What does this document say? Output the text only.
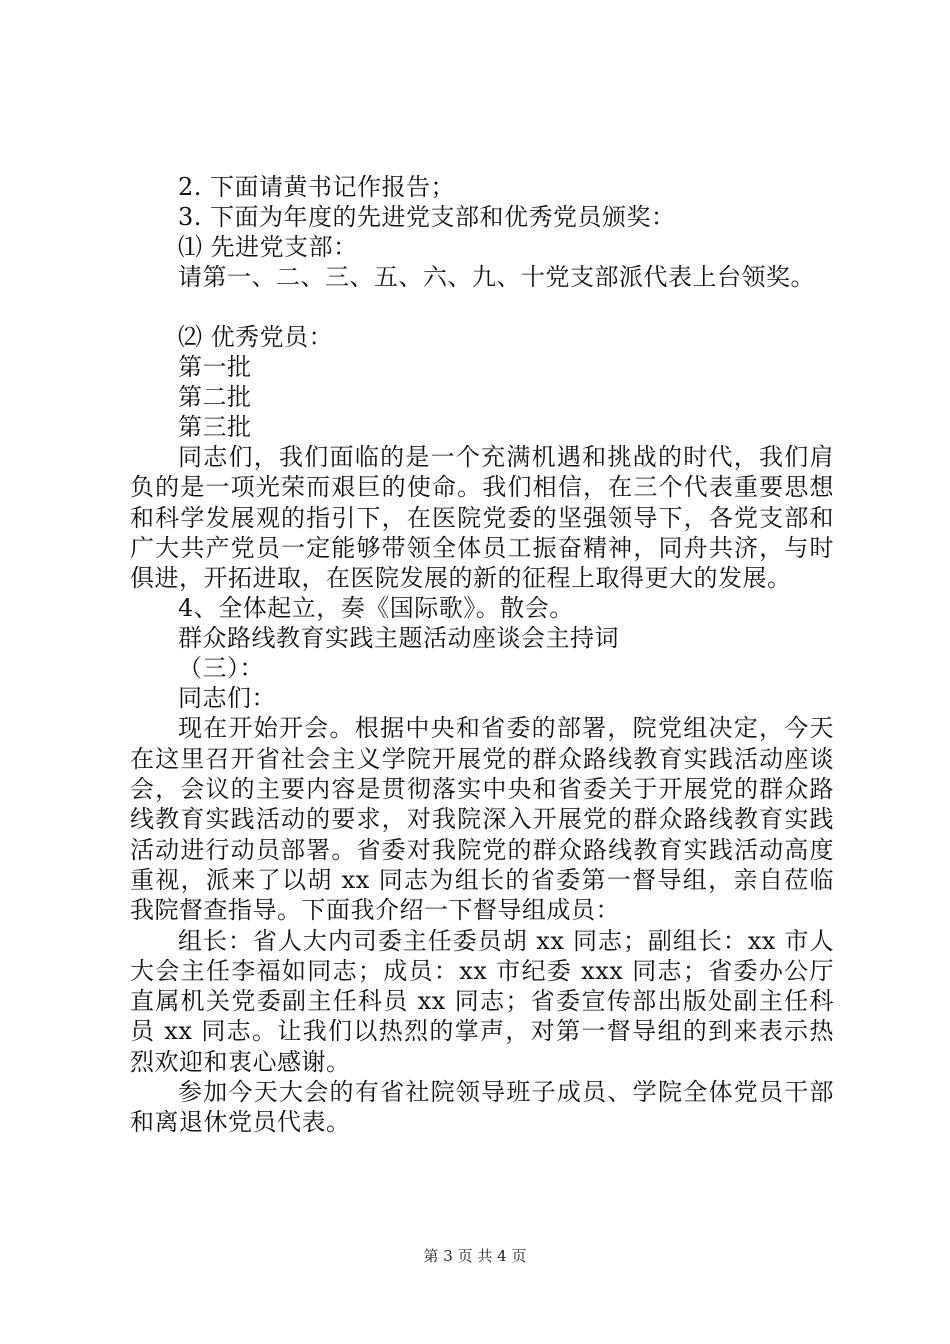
2. 下面请黄书记作报告；
3. 下面为年度的先进党支部和优秀党员颁奖：
⑴ 先进党支部：
请第一、二、三、五、六、九、十党支部派代表上台领奖。
⑵ 优秀党员：
第一批
第二批
第三批

同志们，我们面临的是一个充满机遇和挑战的时代，我们肩负的是一项光荣而艰巨的使命。我们相信，在三个代表重要思想和科学发展观的指引下，在医院党委的坚强领导下，各党支部和广大共产党员一定能够带领全体员工振奋精神，同舟共济，与时俱进，开拓进取，在医院发展的新的征程上取得更大的发展。

4、全体起立，奏《国际歌》。散会。
群众路线教育实践主题活动座谈会主持词
（三）：
同志们：

现在开始开会。根据中央和省委的部署，院党组决定，今天在这里召开省社会主义学院开展党的群众路线教育实践活动座谈会，会议的主要内容是贯彻落实中央和省委关于开展党的群众路线教育实践活动的要求，对我院深入开展党的群众路线教育实践活动进行动员部署。省委对我院党的群众路线教育实践活动高度重视，派来了以胡 xx 同志为组长的省委第一督导组，亲自莅临我院督查指导。下面我介绍一下督导组成员：

组长：省人大内司委主任委员胡 xx 同志；副组长：xx 市人大会主任李福如同志；成员：xx 市纪委 xxx 同志；省委办公厅直属机关党委副主任科员 xx 同志；省委宣传部出版处副主任科员 xx 同志。让我们以热烈的掌声，对第一督导组的到来表示热烈欢迎和衷心感谢。

参加今天大会的有省社院领导班子成员、学院全体党员干部和离退休党员代表。

第 3 页 共 4 页
